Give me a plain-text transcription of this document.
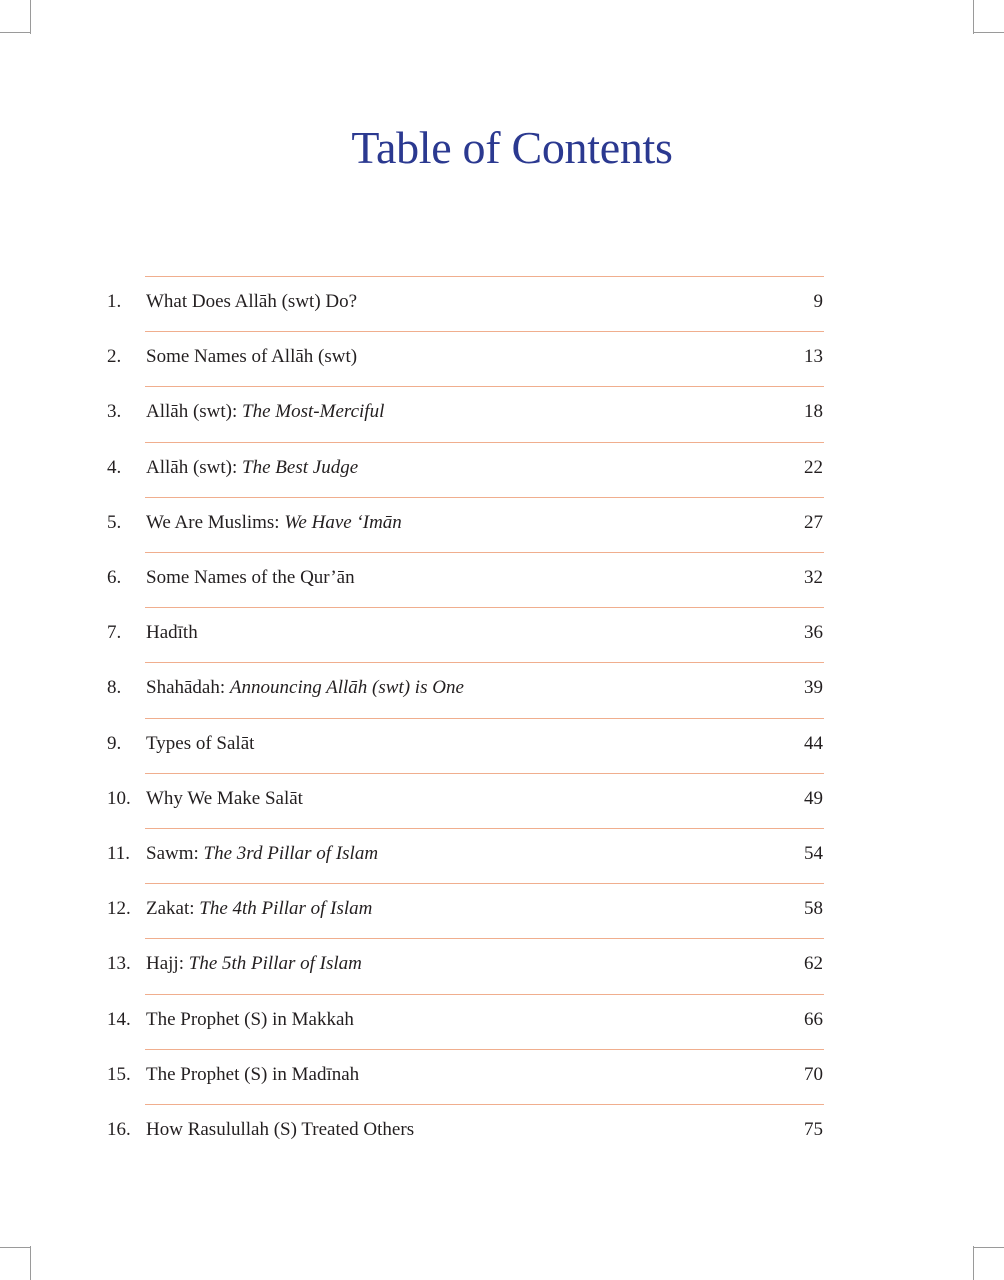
Table of Contents
1. What Does Allāh (swt) Do?	9
2. Some Names of Allāh (swt)	13
3. Allāh (swt): The Most-Merciful	18
4. Allāh (swt): The Best Judge	22
5. We Are Muslims: We Have ‘Imān	27
6. Some Names of the Qur’ān	32
7. Hadīth	36
8. Shahādah: Announcing Allāh (swt) is One	39
9. Types of Salāt	44
10. Why We Make Salāt	49
11. Sawm: The 3rd Pillar of Islam	54
12. Zakat: The 4th Pillar of Islam	58
13. Hajj: The 5th Pillar of Islam	62
14. The Prophet (S) in Makkah	66
15. The Prophet (S) in Madīnah	70
16. How Rasulullah (S) Treated Others	75
